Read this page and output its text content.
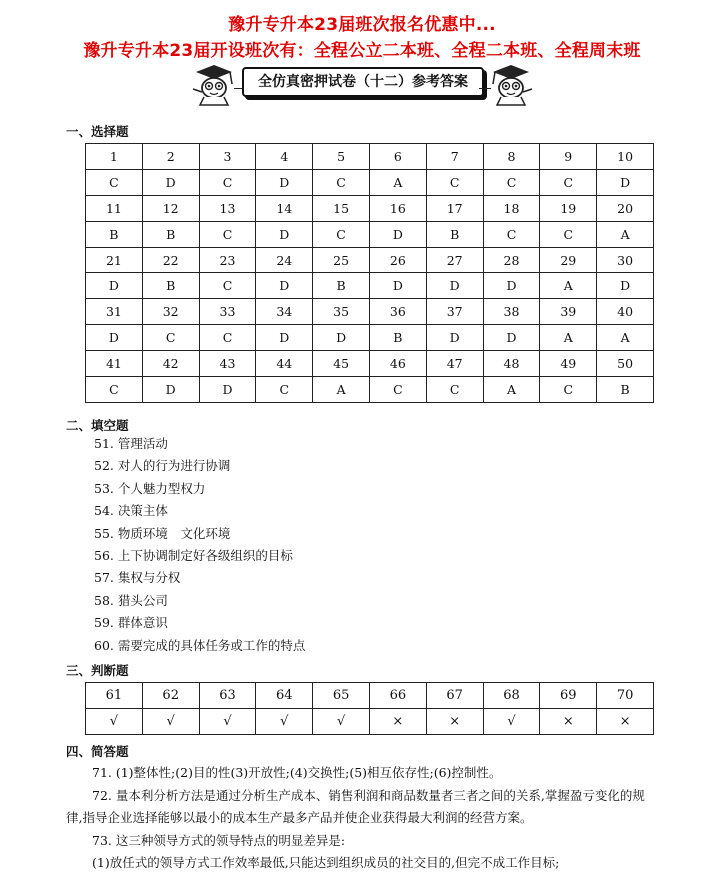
豫升专升本23届班次报名优惠中...
豫升专升本23届开设班次有：全程公立二本班、全程二本班、全程周末班
全仿真密押试卷（十二）参考答案
一、选择题
1	2	3	4	5	6	7	8	9	10
C	D	C	D	C	A	C	C	C	D
11	12	13	14	15	16	17	18	19	20
B	B	C	D	C	D	B	C	C	A
21	22	23	24	25	26	27	28	29	30
D	B	C	D	B	D	D	D	A	D
31	32	33	34	35	36	37	38	39	40
D	C	C	D	D	B	D	D	A	A
41	42	43	44	45	46	47	48	49	50
C	D	D	C	A	C	C	A	C	B
二、填空题
51. 管理活动
52. 对人的行为进行协调
53. 个人魅力型权力
54. 决策主体
55. 物质环境　文化环境
56. 上下协调制定好各级组织的目标
57. 集权与分权
58. 猎头公司
59. 群体意识
60. 需要完成的具体任务或工作的特点
三、判断题
61	62	63	64	65	66	67	68	69	70
√	√	√	√	√	×	×	√	×	×
四、简答题

71. (1)整体性;(2)目的性(3)开放性;(4)交换性;(5)相互依存性;(6)控制性。

72. 量本利分析方法是通过分析生产成本、销售利润和商品数量者三者之间的关系,掌握盈亏变化的规律,指导企业选择能够以最小的成本生产最多产品并使企业获得最大利润的经营方案。

73. 这三种领导方式的领导特点的明显差异是:

(1)放任式的领导方式工作效率最低,只能达到组织成员的社交目的,但完不成工作目标;
